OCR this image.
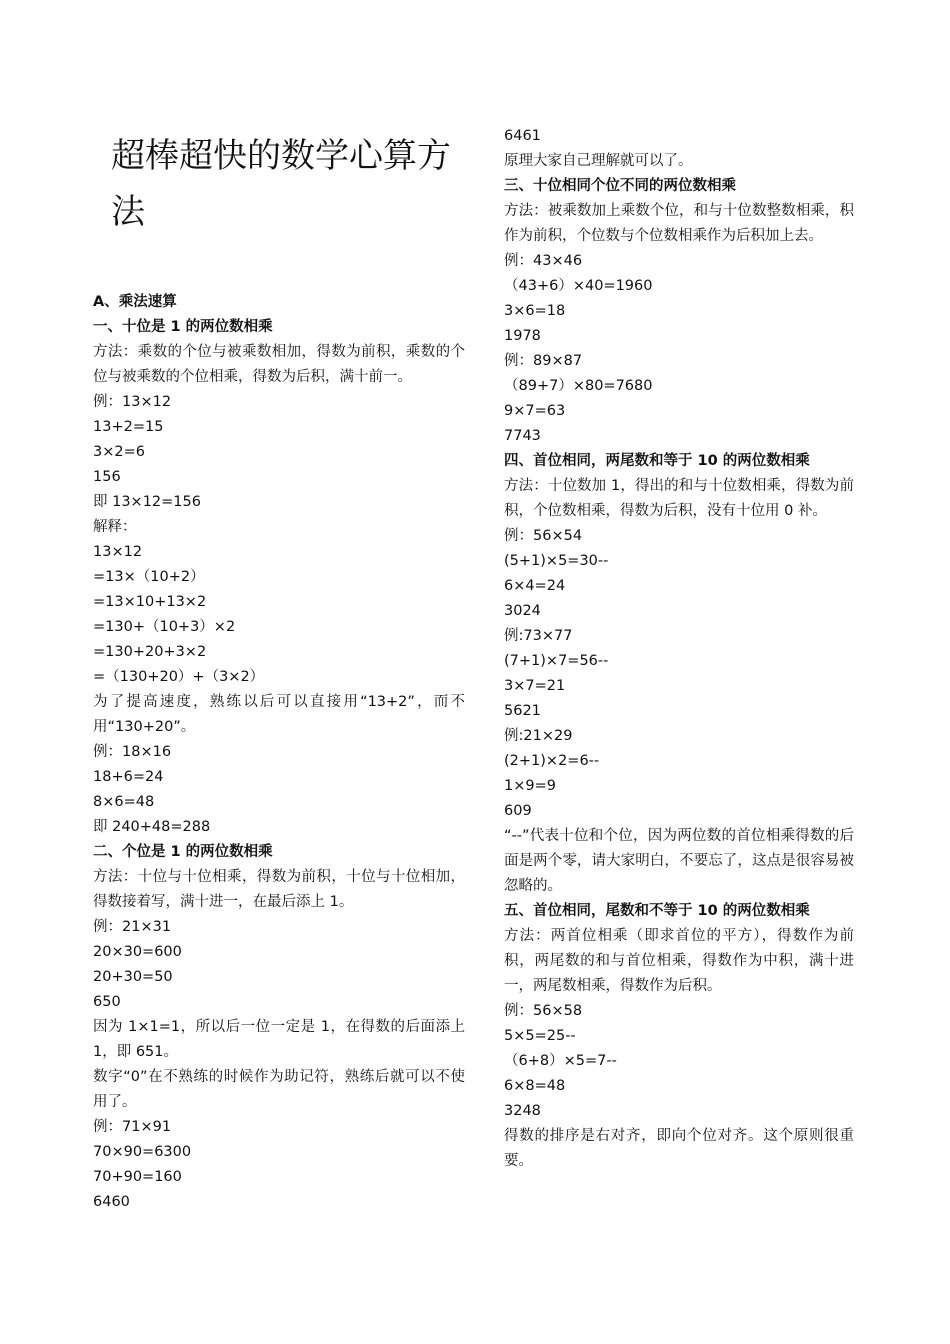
超棒超快的数学心算方法
A、乘法速算
一、十位是 1 的两位数相乘
方法：乘数的个位与被乘数相加，得数为前积，乘数的个位与被乘数的个位相乘，得数为后积，满十前一。
例：13×12
13+2=15
3×2=6
156
即 13×12=156
解释：
13×12
=13×（10+2）
=13×10+13×2
=130+（10+3）×2
=130+20+3×2
=（130+20）+（3×2）
为了提高速度，熟练以后可以直接用“13+2”，而不用“130+20”。
例：18×16
18+6=24
8×6=48
即 240+48=288
二、个位是 1 的两位数相乘
方法：十位与十位相乘，得数为前积，十位与十位相加，得数接着写，满十进一，在最后添上 1。
例：21×31
20×30=600
20+30=50
650
因为 1×1=1，所以后一位一定是 1，在得数的后面添上 1，即 651。
数字“0”在不熟练的时候作为助记符，熟练后就可以不使用了。
例：71×91
70×90=6300
70+90=160
6460
6461
原理大家自己理解就可以了。
三、十位相同个位不同的两位数相乘
方法：被乘数加上乘数个位，和与十位数整数相乘，积作为前积，个位数与个位数相乘作为后积加上去。
例：43×46
（43+6）×40=1960
3×6=18
1978
例：89×87
（89+7）×80=7680
9×7=63
7743
四、首位相同，两尾数和等于 10 的两位数相乘
方法：十位数加 1，得出的和与十位数相乘，得数为前积，个位数相乘，得数为后积，没有十位用 0 补。
例：56×54
(5+1)×5=30--
6×4=24
3024
例:73×77
(7+1)×7=56--
3×7=21
5621
例:21×29
(2+1)×2=6--
1×9=9
609
“--”代表十位和个位，因为两位数的首位相乘得数的后面是两个零，请大家明白，不要忘了，这点是很容易被忽略的。
五、首位相同，尾数和不等于 10 的两位数相乘
方法：两首位相乘（即求首位的平方），得数作为前积，两尾数的和与首位相乘，得数作为中积，满十进一，两尾数相乘，得数作为后积。
例：56×58
5×5=25--
（6+8）×5=7--
6×8=48
3248
得数的排序是右对齐，即向个位对齐。这个原则很重要。
